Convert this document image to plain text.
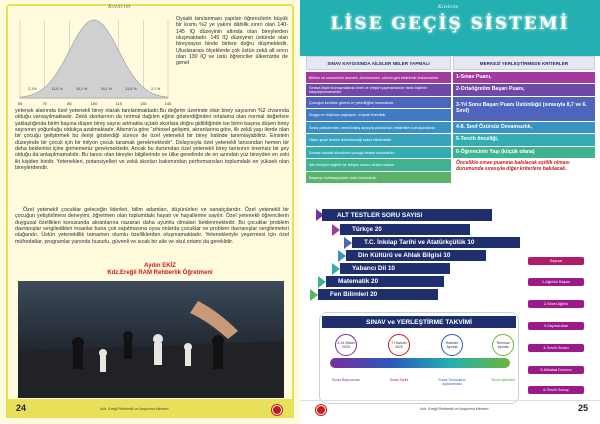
Kıvılcım
2,1%	13,6 %	34,1 %	34,1 %	13,6 %	2,1 %
55	70	85	100	115	130	145
Oysaki tanılanması yapılan öğrencilerin büyük bir kısmı %2 ye yakını dâhilik sınırı olan 140-145 IQ düzeyinin altında olan bireylerden oluşmaktadır. 145 IQ düzeyinin üstünde olan bireysayısı binde birlere doğru düşmektedir. Uluslararası ölçeklerde çok üstün zekâ alt sınırı olan 130 IQ ve üstü öğrenciler ülkemizde de genel
yetenek alanında özel yetenekli birey olarak tanılanmaktadır.Bu değerin üzerinde olan birey sayısının %2 civarında olduğu varsayılmaktadır. Zekâ skorlarının da normal dağılım eğrisi gösterdiğinden ortalama olan normal değerlere yaklaştığında birim başına düşen birey sayısı artmakta uçtaki skorlara doğru gidildiğinde ise birim başına düşen birey sayısının yoğunluğu oldukça azalmaktadır. Afamin’a göre “zihinsel gelişimi, akranlarına göre, ilk zekâ yaşı ilerde olan bir çocuğu geliştirmek bu ileriyi gösterdiği sürece de özel yetenekli bir birey halinde tanımlayabiliriz. Einstein düzeyinde bir çocuk için bir milyon çocuk taramak gerekmektedir”. Dolayısıyla özel yetenekli tanısından hemen bir deha beklentisi içine girmemeniz gerekmektedir. Ancak bu durumdan özel yetenekli birey tanısının önemsiz bir şey olduğu da anlaşılmamalıdır. Bu tanısı olan bireyler bilgilerinde ve ülke genelinde de en azından yüz bireyden en zeki iki kişiden biridir. Yetenekleri, potansiyelleri ve zekâ skorları bakımından performansları toplumdaki en yüksek olan bireylerdendir.
Özel yetenekli çocuklar geleceğin liderleri, bilim adamları, düşünürleri ve sanatçılarıdır. Özel yetenekli bir çocuğun yetiştirilmesi deneyimi, öğretmen olan toplumdaki hayatı ve hayallerine sayılır. Özel yetenekli öğrencilerin duygusal özellikleri konusunda akranlarına nazaran daha uyumlu olmaları beklenmektedir. Bu çocuklar problem davranışlar sergiledikleri insanlar buna çok sapıtmasına oysa onlarda çocuklar ve problem davranışlar sergilemeleri olağandır. Üstün yeteneklilik tamamen olumlu özelliklerden oluşmamaktadır. Yetenekleriyle yeşermesi için özel müfredatlar, programlar yanında huzurlu, güvenli ve sıcak bir aile ve okul ortamı da gereklidir.
Aydın EKİZ
Kdz.Ereğli RAM Rehberlik Öğretmeni
24	Kdz. Ereğli Rehberlik ve Araştırma Merkezi
Kıvılcım
LİSE GEÇİŞ SİSTEMİ
SINAV KAYGISINDA AİLELER NELER YAPMALI	MERKEZİ YERLEŞTİRMEDE KRİTERLER
Bilinen ve sorumluluk sevmek, önemsemek, olumlu geri bildirimde bulunmalıdır.
Sınava ilişkin konuşmalarda öneri ve eleştiri yapmamalıdır; farklı kişilerle karşılaştırmamalıdır.
Çocuğun kendine güveni ve yeterliliğine inanmalıdır.
Duygu ve düşünce paylaşımı, empati önemlidir.
Sınav planlanırken, kendi bakış açısıyla planlamalı, beklentiler konuşulmalıdır.
Hiçbir şeyin tersine dönebileceği kabul ettirilmelidir.
Sınava hazırlık sürecinde çocuğa destek olunmalıdır.
Aile bireyleri sağlıklı bir iletişim ortamı oluşturmalıdır.
Başarıyı motivasyondan uzak tutulmalıdır.
1-Sınav Puanı,
2-Ortaöğretim Başarı Puanı,
3-Yıl Sonu Başarı Puanı Üstünlüğü (sırasıyla 8,7 ve 6. Sınıf)
4-8. Sınıf Özürsüz Devamsızlık,
5-Tercih önceliği,
6-Öğrencinin Yaşı (küçük olana)
Öncelikle sınav puanına bakılacak eşitlik olması durumunda sırasıyla diğer kriterlere bakılacak.
ALT TESTLER SORU SAYISI
Türkçe 20
T.C. İnkılap Tarihi ve Atatürkçülük 10
Din Kültürü ve Ahlak Bilgisi 10
Yabancı Dil 10
Matematik 20
Fen Bilimleri 20
Sayısal
1-Ağırlıklı Başarı
2-Sözel Ağırlık
3-Sayısal Alan
4-Tercih Sınavı
5-Mülakat Durumu
6-Tercih Sonuç
SINAV ve YERLEŞTİRME TAKVİMİ
3-14 Nisan 2020
7 Haziran 2020
Haziran Ayında
Temmuz Ayında
Sınav Başvuruları	Sınav Tarihi	Sınav Sonuçların Açıklanması
Tercih İşlemleri
Kdz. Ereğli Rehberlik ve Araştırma Merkezi	25
